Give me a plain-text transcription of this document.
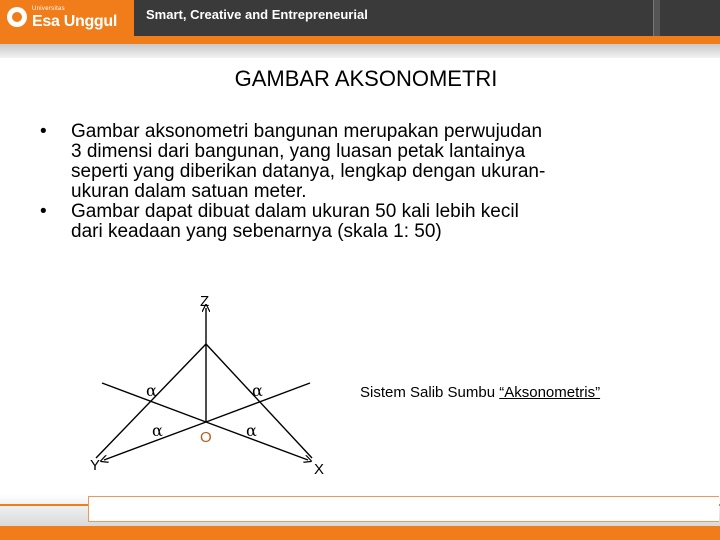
Universitas
Esa Unggul Smart, Creative and Entrepreneurial
GAMBAR AKSONOMETRI
• Gambar aksonometri bangunan merupakan perwujudan
3 dimensi dari bangunan, yang luasan petak lantainya
seperti yang diberikan datanya, lengkap dengan ukuran-
ukuran dalam satuan meter.
• Gambar dapat dibuat dalam ukuran 50 kali lebih kecil
dari keadaan yang sebenarnya (skala 1: 50)
Z
Y	X
O
α	α
α	α
Sistem Salib Sumbu “Aksonometris”
